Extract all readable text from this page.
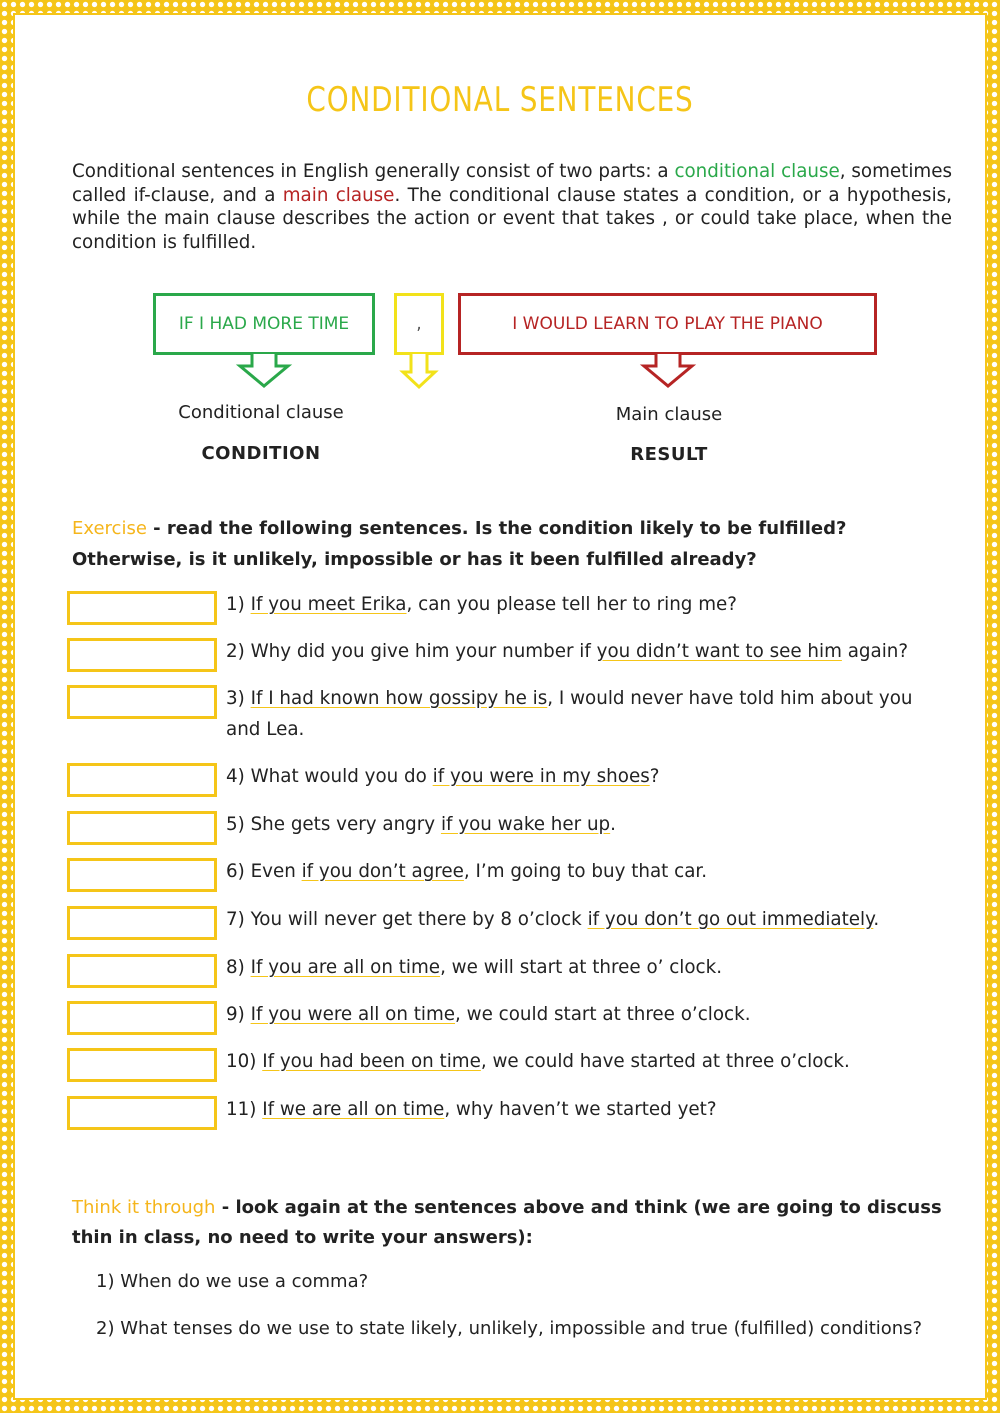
CONDITIONAL SENTENCES
Conditional sentences in English generally consist of two parts: a conditional clause, sometimes called if-clause, and a main clause. The conditional clause states a condition, or a hypothesis, while the main clause describes the action or event that takes , or could take place, when the condition is fulfilled.
IF I HAD MORE TIME	,	I WOULD LEARN TO PLAY THE PIANO
Conditional clause
CONDITION
Main clause
RESULT
Exercise - read the following sentences. Is the condition likely to be fulfilled? Otherwise, is it unlikely, impossible or has it been fulfilled already?
1) If you meet Erika, can you please tell her to ring me?
2) Why did you give him your number if you didn’t want to see him again?
3) If I had known how gossipy he is, I would never have told him about you and Lea.
4) What would you do if you were in my shoes?
5) She gets very angry if you wake her up.
6) Even if you don’t agree, I’m going to buy that car.
7) You will never get there by 8 o’clock if you don’t go out immediately.
8) If you are all on time, we will start at three o’ clock.
9) If you were all on time, we could start at three o’clock.
10) If you had been on time, we could have started at three o’clock.
11) If we are all on time, why haven’t we started yet?
Think it through - look again at the sentences above and think (we are going to discuss thin in class, no need to write your answers):
1) When do we use a comma?
2) What tenses do we use to state likely, unlikely, impossible and true (fulfilled) conditions?
